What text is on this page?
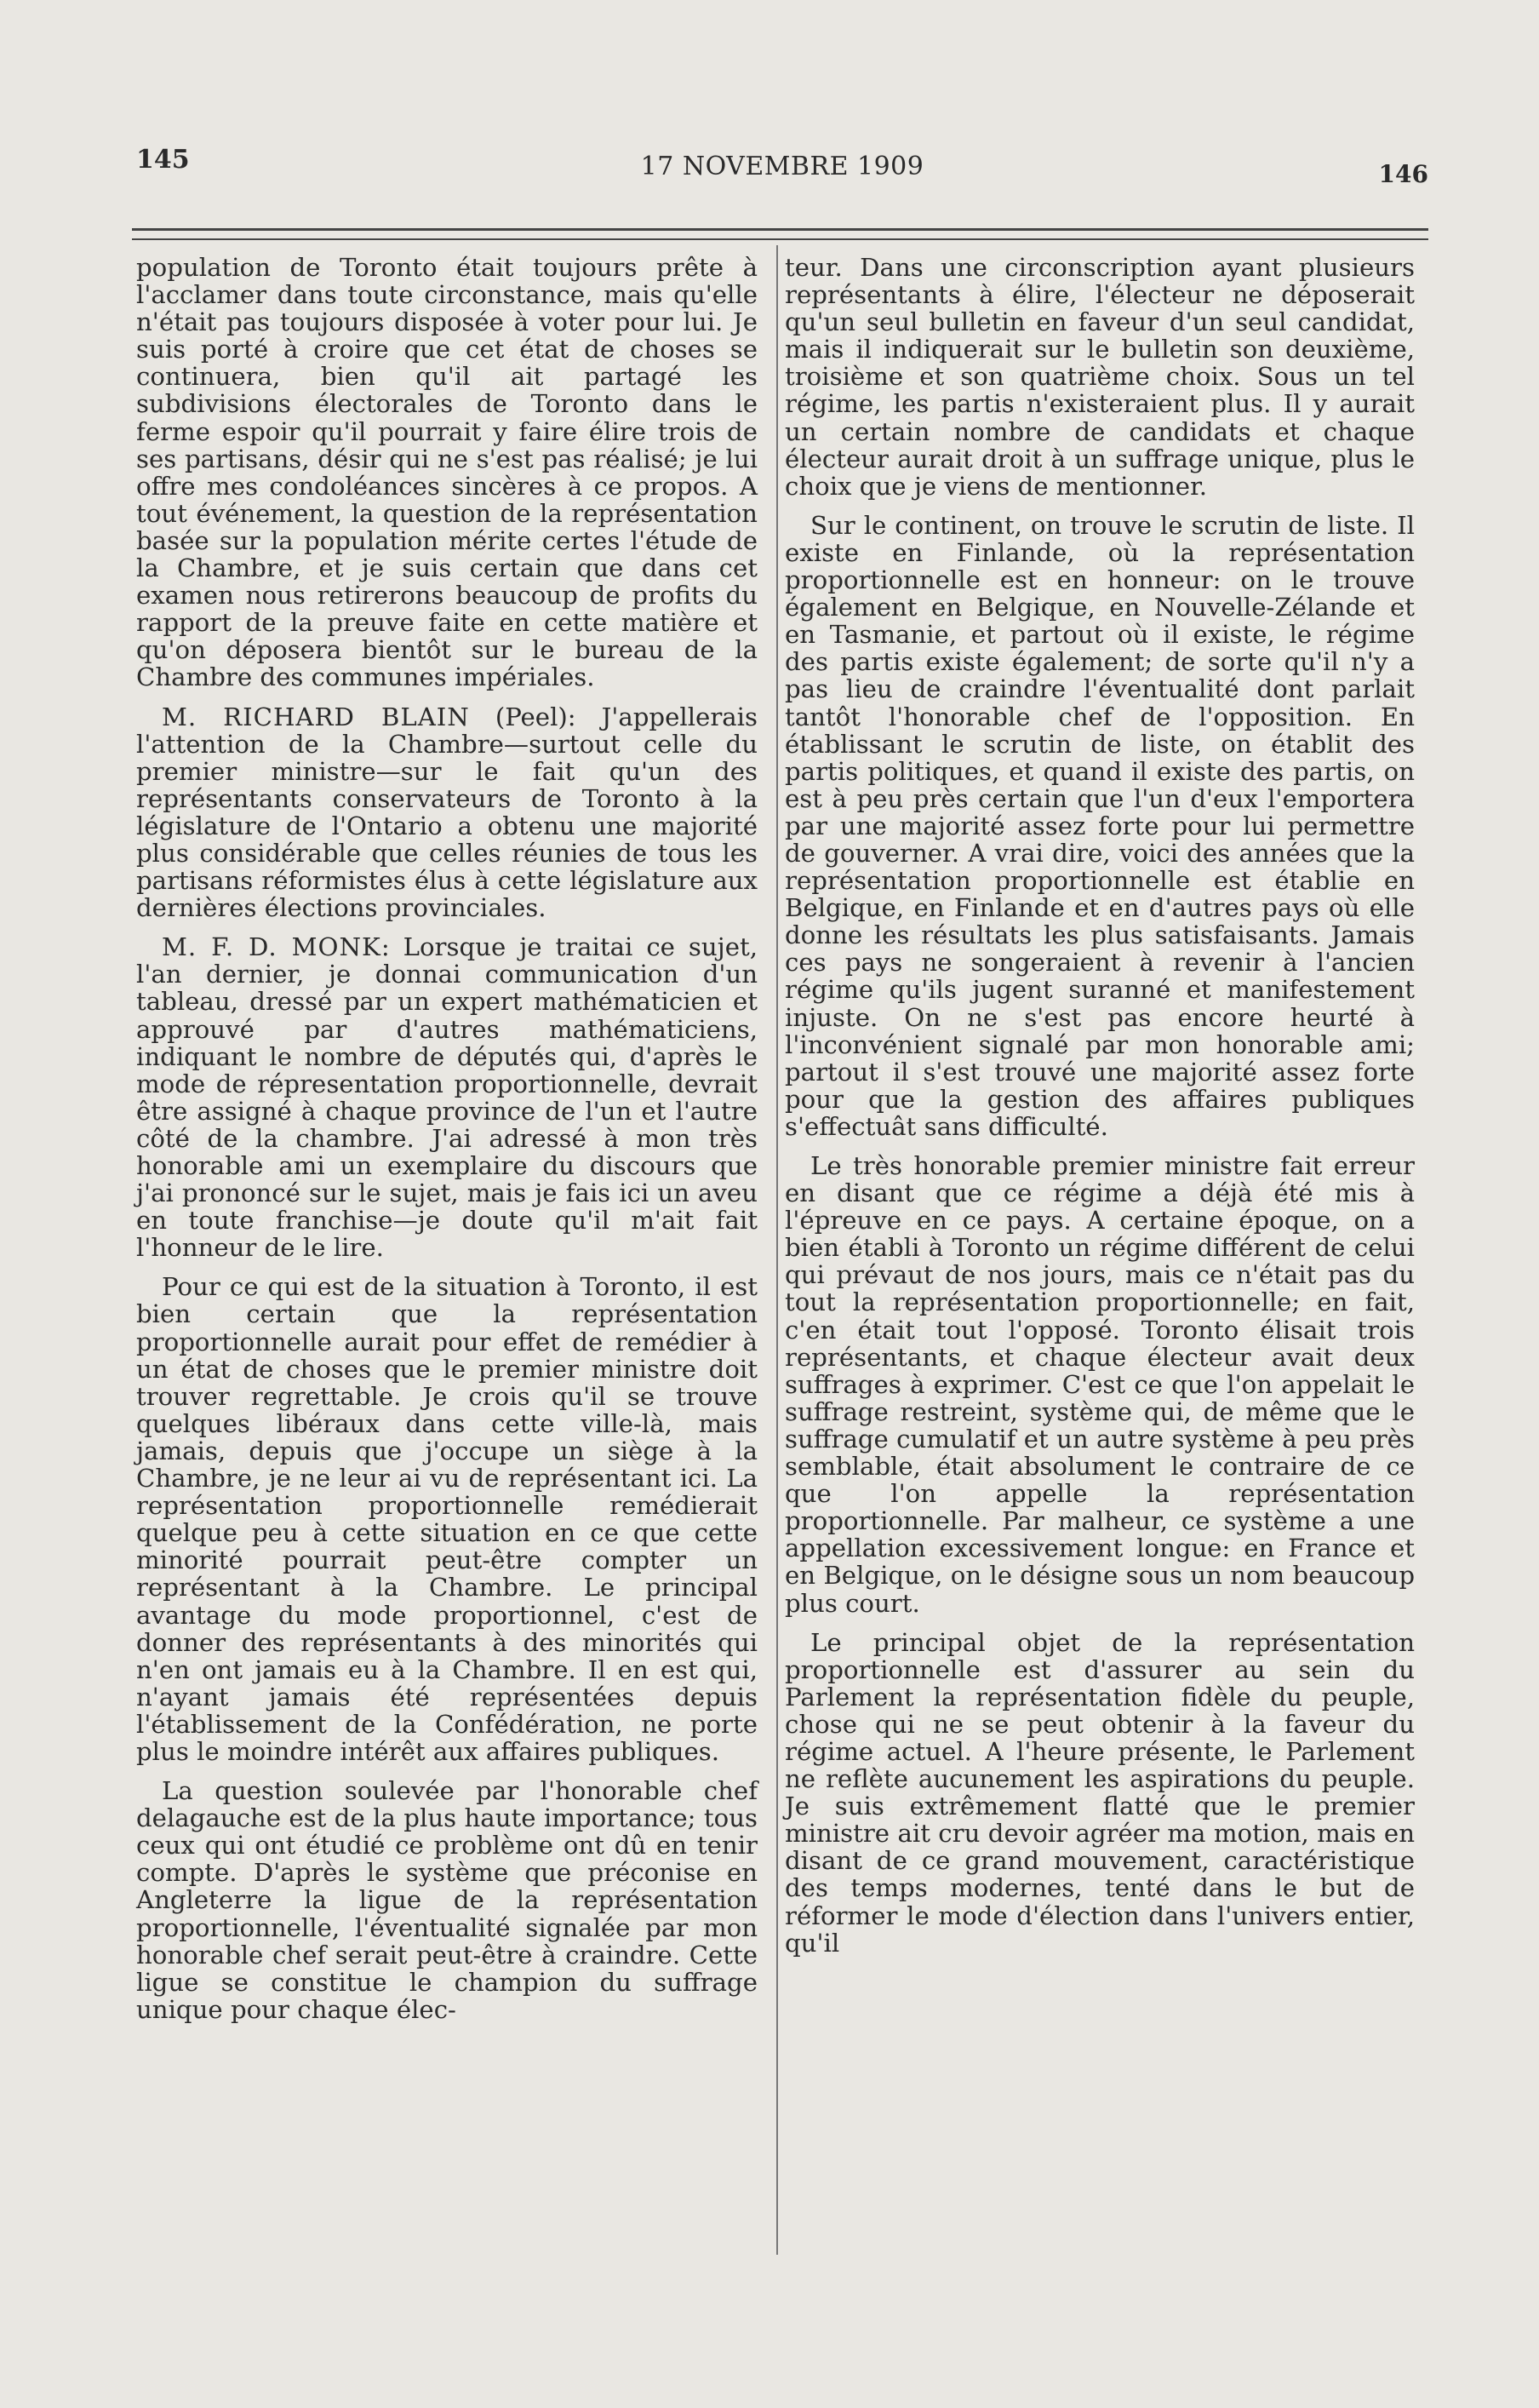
145	17 NOVEMBRE 1909	146

population de Toronto était toujours prête à l'acclamer dans toute circonstance, mais qu'elle n'était pas toujours disposée à voter pour lui. Je suis porté à croire que cet état de choses se continuera, bien qu'il ait partagé les subdivisions électorales de Toronto dans le ferme espoir qu'il pourrait y faire élire trois de ses partisans, désir qui ne s'est pas réalisé; je lui offre mes condoléances sincères à ce propos. A tout événement, la question de la représentation basée sur la population mérite certes l'étude de la Chambre, et je suis certain que dans cet examen nous retirerons beaucoup de profits du rapport de la preuve faite en cette matière et qu'on déposera bientôt sur le bureau de la Chambre des communes impériales.

M. RICHARD BLAIN (Peel): J'appellerais l'attention de la Chambre—surtout celle du premier ministre—sur le fait qu'un des représentants conservateurs de Toronto à la législature de l'Ontario a obtenu une majorité plus considérable que celles réunies de tous les partisans réformistes élus à cette législature aux dernières élections provinciales.

M. F. D. MONK: Lorsque je traitai ce sujet, l'an dernier, je donnai communication d'un tableau, dressé par un expert mathématicien et approuvé par d'autres mathématiciens, indiquant le nombre de députés qui, d'après le mode de répresentation proportionnelle, devrait être assigné à chaque province de l'un et l'autre côté de la chambre. J'ai adressé à mon très honorable ami un exemplaire du discours que j'ai prononcé sur le sujet, mais je fais ici un aveu en toute franchise—je doute qu'il m'ait fait l'honneur de le lire.

Pour ce qui est de la situation à Toronto, il est bien certain que la représentation proportionnelle aurait pour effet de remédier à un état de choses que le premier ministre doit trouver regrettable. Je crois qu'il se trouve quelques libéraux dans cette ville-là, mais jamais, depuis que j'occupe un siège à la Chambre, je ne leur ai vu de représentant ici. La représentation proportionnelle remédierait quelque peu à cette situation en ce que cette minorité pourrait peut-être compter un représentant à la Chambre. Le principal avantage du mode proportionnel, c'est de donner des représentants à des minorités qui n'en ont jamais eu à la Chambre. Il en est qui, n'ayant jamais été représentées depuis l'établissement de la Confédération, ne porte plus le moindre intérêt aux affaires publiques.

La question soulevée par l'honorable chef delagauche est de la plus haute importance; tous ceux qui ont étudié ce problème ont dû en tenir compte. D'après le système que préconise en Angleterre la ligue de la représentation proportionnelle, l'éventualité signalée par mon honorable chef serait peut-être à craindre. Cette ligue se constitue le champion du suffrage unique pour chaque élec-

teur. Dans une circonscription ayant plusieurs représentants à élire, l'électeur ne déposerait qu'un seul bulletin en faveur d'un seul candidat, mais il indiquerait sur le bulletin son deuxième, troisième et son quatrième choix. Sous un tel régime, les partis n'existeraient plus. Il y aurait un certain nombre de candidats et chaque électeur aurait droit à un suffrage unique, plus le choix que je viens de mentionner.

Sur le continent, on trouve le scrutin de liste. Il existe en Finlande, où la représentation proportionnelle est en honneur: on le trouve également en Belgique, en Nouvelle-Zélande et en Tasmanie, et partout où il existe, le régime des partis existe également; de sorte qu'il n'y a pas lieu de craindre l'éventualité dont parlait tantôt l'honorable chef de l'opposition. En établissant le scrutin de liste, on établit des partis politiques, et quand il existe des partis, on est à peu près certain que l'un d'eux l'emportera par une majorité assez forte pour lui permettre de gouverner. A vrai dire, voici des années que la représentation proportionnelle est établie en Belgique, en Finlande et en d'autres pays où elle donne les résultats les plus satisfaisants. Jamais ces pays ne songeraient à revenir à l'ancien régime qu'ils jugent suranné et manifestement injuste. On ne s'est pas encore heurté à l'inconvénient signalé par mon honorable ami; partout il s'est trouvé une majorité assez forte pour que la gestion des affaires publiques s'effectuât sans difficulté.

Le très honorable premier ministre fait erreur en disant que ce régime a déjà été mis à l'épreuve en ce pays. A certaine époque, on a bien établi à Toronto un régime différent de celui qui prévaut de nos jours, mais ce n'était pas du tout la représentation proportionnelle; en fait, c'en était tout l'opposé. Toronto élisait trois représentants, et chaque électeur avait deux suffrages à exprimer. C'est ce que l'on appelait le suffrage restreint, système qui, de même que le suffrage cumulatif et un autre système à peu près semblable, était absolument le contraire de ce que l'on appelle la représentation proportionnelle. Par malheur, ce système a une appellation excessivement longue: en France et en Belgique, on le désigne sous un nom beaucoup plus court.

Le principal objet de la représentation proportionnelle est d'assurer au sein du Parlement la représentation fidèle du peuple, chose qui ne se peut obtenir à la faveur du régime actuel. A l'heure présente, le Parlement ne reflète aucunement les aspirations du peuple. Je suis extrêmement flatté que le premier ministre ait cru devoir agréer ma motion, mais en disant de ce grand mouvement, caractéristique des temps modernes, tenté dans le but de réformer le mode d'élection dans l'univers entier, qu'il
